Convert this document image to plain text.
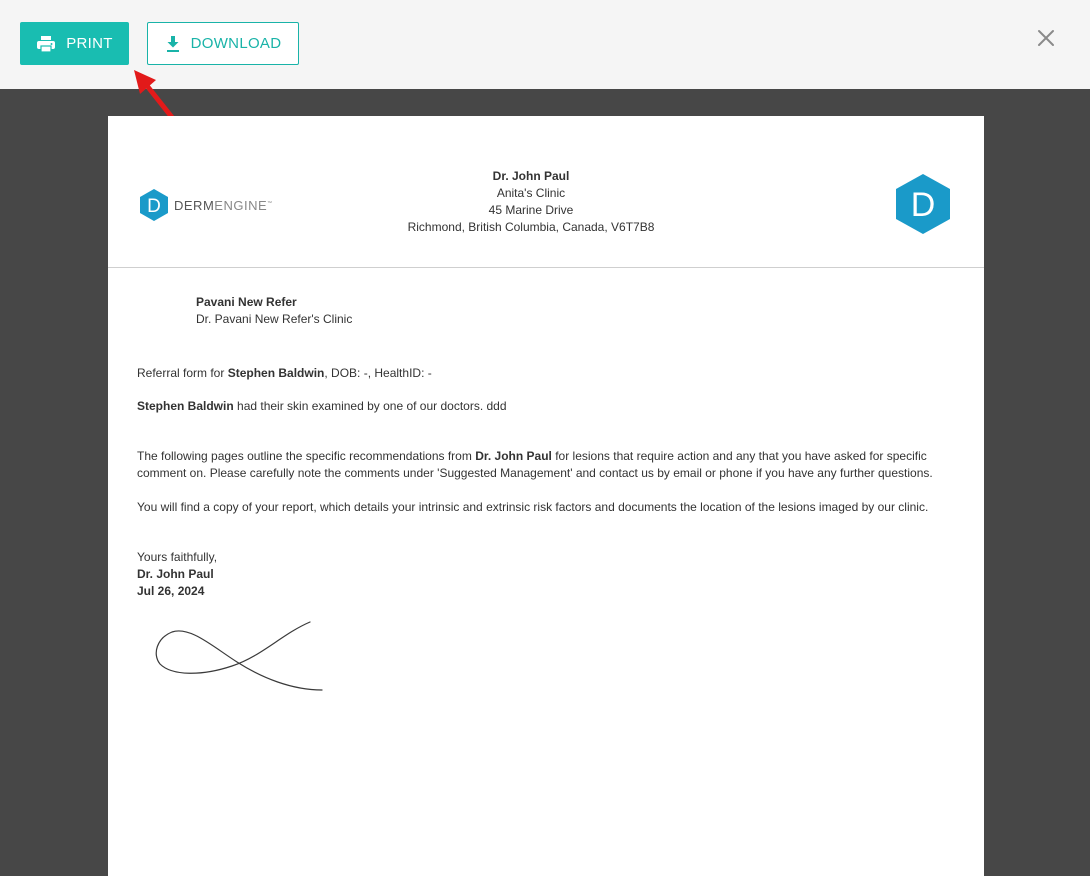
PRINT	DOWNLOAD
D DERMENGINE™
Dr. John Paul
Anita's Clinic
45 Marine Drive
Richmond, British Columbia, Canada, V6T7B8
D
Pavani New Refer
Dr. Pavani New Refer's Clinic
Referral form for Stephen Baldwin, DOB: -, HealthID: -
Stephen Baldwin had their skin examined by one of our doctors. ddd
The following pages outline the specific recommendations from Dr. John Paul for lesions that require action and any that you have asked for specific comment on. Please carefully note the comments under 'Suggested Management' and contact us by email or phone if you have any further questions.
You will find a copy of your report, which details your intrinsic and extrinsic risk factors and documents the location of the lesions imaged by our clinic.
Yours faithfully,
Dr. John Paul
Jul 26, 2024
